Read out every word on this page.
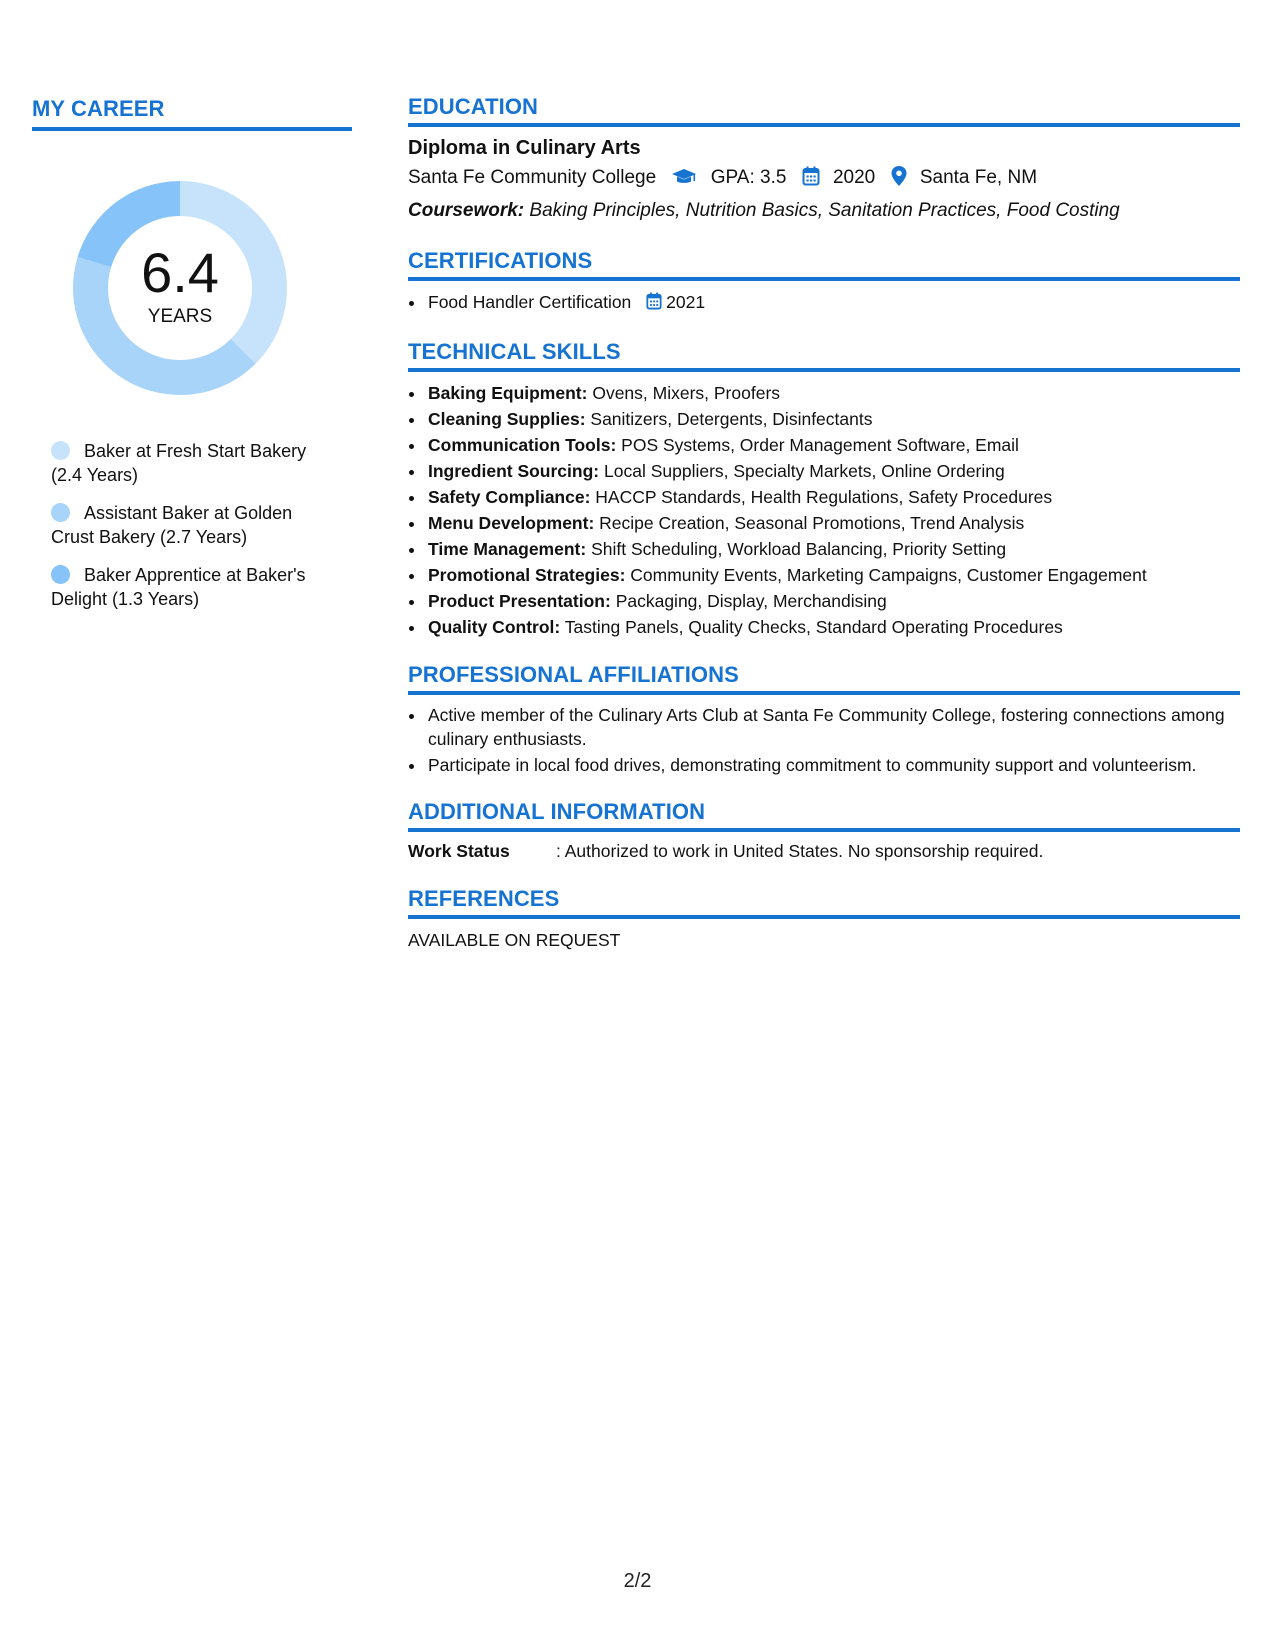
MY CAREER
6.4
YEARS
Baker at Fresh Start Bakery (2.4 Years)
Assistant Baker at Golden Crust Bakery (2.7 Years)
Baker Apprentice at Baker's Delight (1.3 Years)
EDUCATION
Diploma in Culinary Arts
Santa Fe Community College	GPA: 3.5 2020 Santa Fe, NM
Coursework: Baking Principles, Nutrition Basics, Sanitation Practices, Food Costing
CERTIFICATIONS
• Food Handler Certification 2021
TECHNICAL SKILLS
• Baking Equipment: Ovens, Mixers, Proofers
• Cleaning Supplies: Sanitizers, Detergents, Disinfectants
• Communication Tools: POS Systems, Order Management Software, Email
• Ingredient Sourcing: Local Suppliers, Specialty Markets, Online Ordering
• Safety Compliance: HACCP Standards, Health Regulations, Safety Procedures
• Menu Development: Recipe Creation, Seasonal Promotions, Trend Analysis
• Time Management: Shift Scheduling, Workload Balancing, Priority Setting
• Promotional Strategies: Community Events, Marketing Campaigns, Customer Engagement
• Product Presentation: Packaging, Display, Merchandising
• Quality Control: Tasting Panels, Quality Checks, Standard Operating Procedures
PROFESSIONAL AFFILIATIONS
• Active member of the Culinary Arts Club at Santa Fe Community College, fostering connections among culinary enthusiasts.
• Participate in local food drives, demonstrating commitment to community support and volunteerism.
ADDITIONAL INFORMATION
Work Status	: Authorized to work in United States. No sponsorship required.
REFERENCES
AVAILABLE ON REQUEST
2/2
